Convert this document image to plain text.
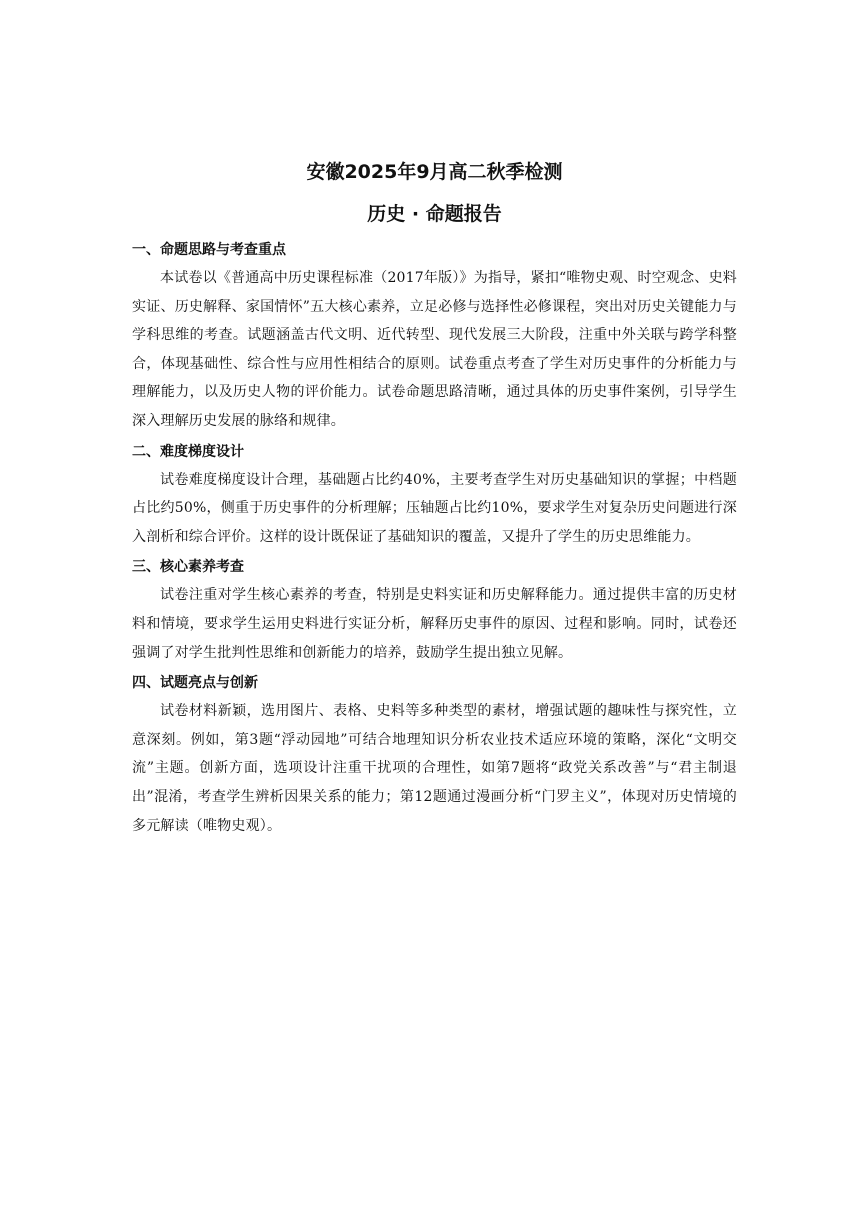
安徽2025年9月高二秋季检测
历史 · 命题报告
一、命题思路与考查重点

本试卷以《普通高中历史课程标准（2017年版）》为指导，紧扣“唯物史观、时空观念、史料实证、历史解释、家国情怀”五大核心素养，立足必修与选择性必修课程，突出对历史关键能力与学科思维的考查。试题涵盖古代文明、近代转型、现代发展三大阶段，注重中外关联与跨学科整合，体现基础性、综合性与应用性相结合的原则。试卷重点考查了学生对历史事件的分析能力与理解能力，以及历史人物的评价能力。试卷命题思路清晰，通过具体的历史事件案例，引导学生深入理解历史发展的脉络和规律。

二、难度梯度设计

试卷难度梯度设计合理，基础题占比约40%，主要考查学生对历史基础知识的掌握；中档题占比约50%，侧重于历史事件的分析理解；压轴题占比约10%，要求学生对复杂历史问题进行深入剖析和综合评价。这样的设计既保证了基础知识的覆盖，又提升了学生的历史思维能力。

三、核心素养考查

试卷注重对学生核心素养的考查，特别是史料实证和历史解释能力。通过提供丰富的历史材料和情境，要求学生运用史料进行实证分析，解释历史事件的原因、过程和影响。同时，试卷还强调了对学生批判性思维和创新能力的培养，鼓励学生提出独立见解。

四、试题亮点与创新

试卷材料新颖，选用图片、表格、史料等多种类型的素材，增强试题的趣味性与探究性，立意深刻。例如，第3题“浮动园地”可结合地理知识分析农业技术适应环境的策略，深化“文明交流”主题。创新方面，选项设计注重干扰项的合理性，如第7题将“政党关系改善”与“君主制退出”混淆，考查学生辨析因果关系的能力；第12题通过漫画分析“门罗主义”，体现对历史情境的多元解读（唯物史观）。
